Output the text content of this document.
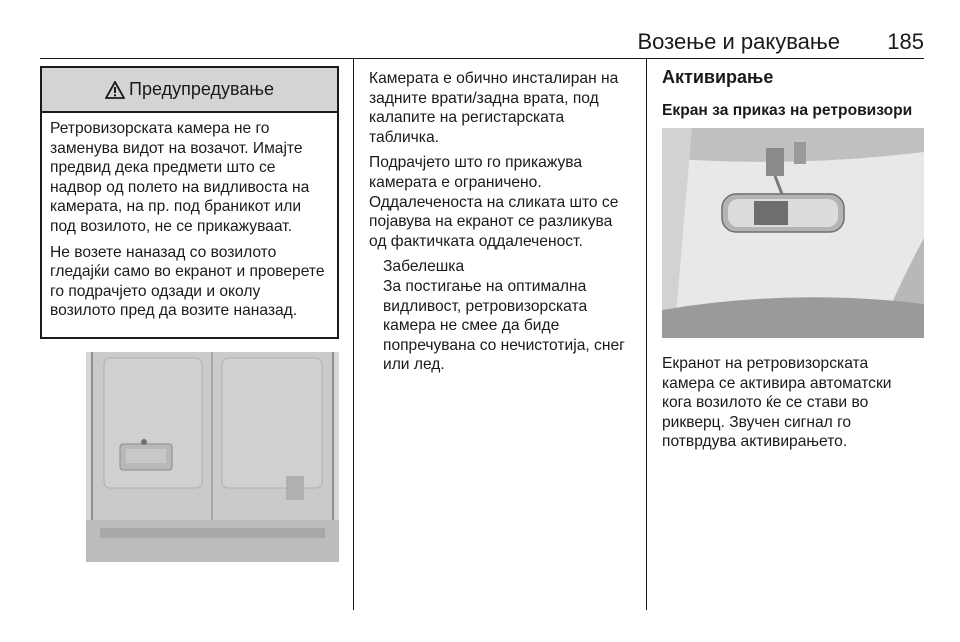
Возење и ракување	185
Предупредување

Ретровизорската камера не го заменува видот на возачот. Имајте предвид дека предмети што се надвор од полето на видливоста на камерата, на пр. под браникот или под возилото, не се прикажуваат.

Не возете наназад со возилото гледајќи само во екранот и проверете го подрачјето одзади и околу возилото пред да возите наназад.

Камерата е обично инсталиран на задните врати/задна врата, под калапите на регистарската табличка.

Подрачјето што го прикажува камерата е ограничено. Оддалеченоста на сликата што се појавува на екранот се разликува од фактичката оддалеченост.

Забелешка
За постигање на оптимална видливост, ретровизорската камера не смее да биде попречувана со нечистотија, снег или лед.
Активирање
Екран за приказ на ретровизори

Екранот на ретровизорската камера се активира автоматски кога возилото ќе се стави во рикверц. Звучен сигнал го потврдува активирањето.
